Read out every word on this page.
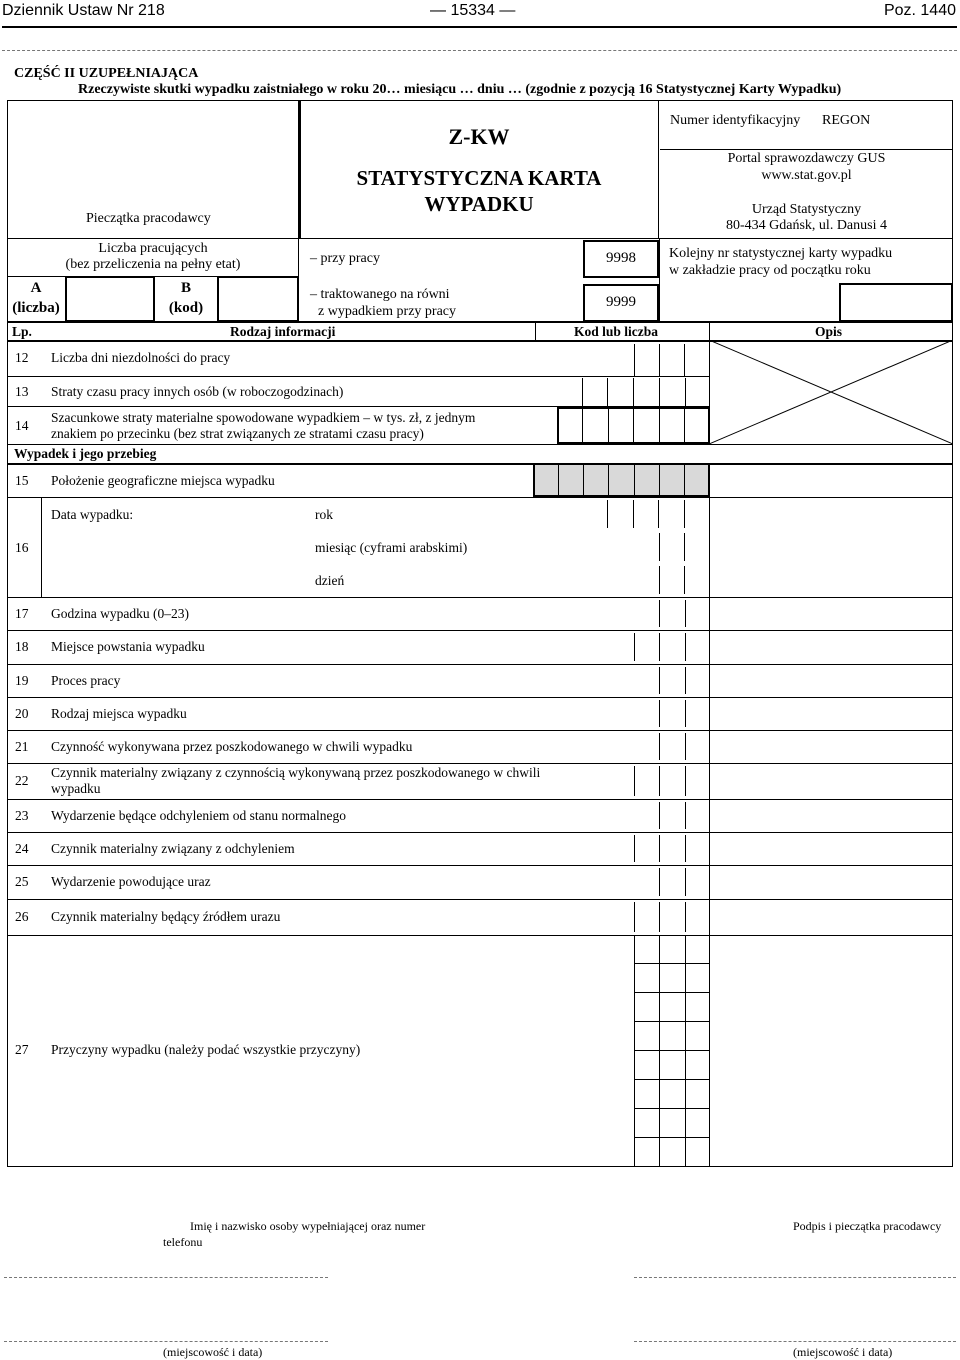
Dziennik Ustaw Nr 218	— 15334 —	Poz. 1440
CZĘŚĆ II UZUPEŁNIAJĄCA
Rzeczywiste skutki wypadku zaistniałego w roku 20… miesiącu … dniu … (zgodnie z pozycją 16 Statystycznej Karty Wypadku)
Pieczątka pracodawcy
Z-KW
STATYSTYCZNA KARTA
WYPADKU
Numer identyfikacyjny REGON
Portal sprawozdawczy GUS
www.stat.gov.pl
Urząd Statystyczny
80-434 Gdańsk, ul. Danusi 4
Liczba pracujących
(bez przeliczenia na pełny etat)
A
(liczba)
B
(kod)
– przy pracy	9998
– traktowanego na równi
z wypadkiem przy pracy
9999
Kolejny nr statystycznej karty wypadku
w zakładzie pracy od początku roku
Lp.	Rodzaj informacji	Kod lub liczba	Opis
12 Liczba dni niezdolności do pracy
13 Straty czasu pracy innych osób (w roboczogodzinach)
14
Szacunkowe straty materialne spowodowane wypadkiem – w tys. zł, z jednym
znakiem po przecinku (bez strat związanych ze stratami czasu pracy)
Wypadek i jego przebieg
15 Położenie geograficzne miejsca wypadku
16
Data wypadku:	rok
miesiąc (cyframi arabskimi)
dzień
17 Godzina wypadku (0–23)
18 Miejsce powstania wypadku
19 Proces pracy
20 Rodzaj miejsca wypadku
21 Czynność wykonywana przez poszkodowanego w chwili wypadku
22
Czynnik materialny związany z czynnością wykonywaną przez poszkodowanego w chwili
wypadku
23 Wydarzenie będące odchyleniem od stanu normalnego
24 Czynnik materialny związany z odchyleniem
25 Wydarzenie powodujące uraz
26 Czynnik materialny będący źródłem urazu
27 Przyczyny wypadku (należy podać wszystkie przyczyny)
Imię i nazwisko osoby wypełniającej oraz numer
telefonu
Podpis i pieczątka pracodawcy
(miejscowość i data)	(miejscowość i data)
